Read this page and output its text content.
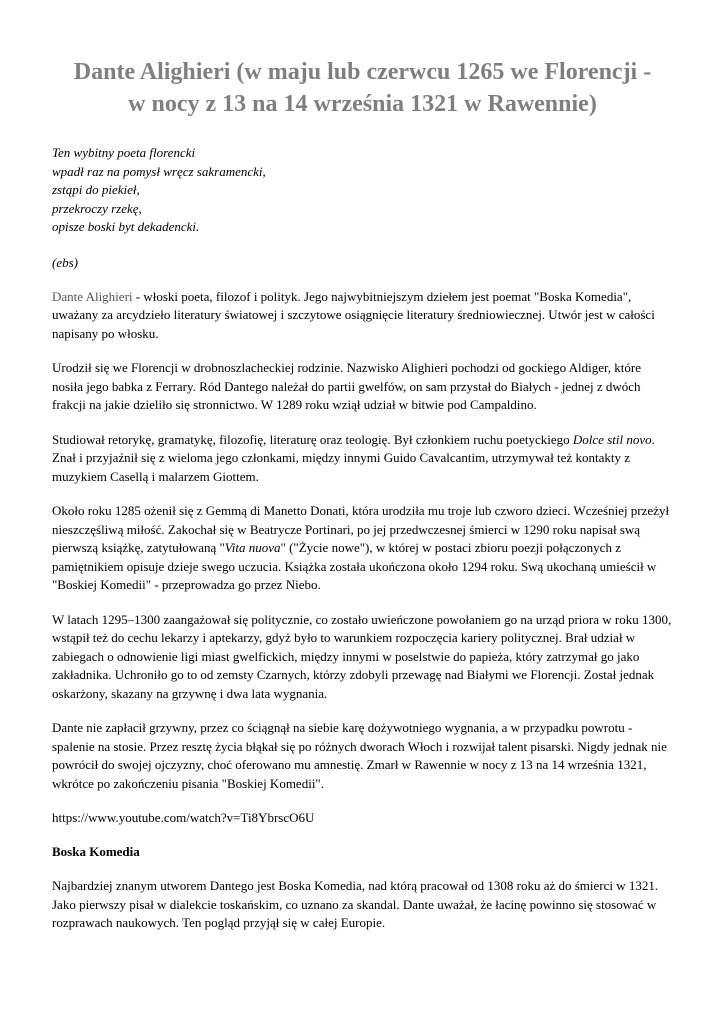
Dante Alighieri (w maju lub czerwcu 1265 we Florencji - w nocy z 13 na 14 września 1321 w Rawennie)
Ten wybitny poeta florencki
wpadł raz na pomysł wręcz sakramencki,
zstąpi do piekieł,
przekroczy rzekę,
opisze boski byt dekadencki.
(ebs)

Dante Alighieri - włoski poeta, filozof i polityk. Jego najwybitniejszym dziełem jest poemat "Boska Komedia", uważany za arcydzieło literatury światowej i szczytowe osiągnięcie literatury średniowiecznej. Utwór jest w całości napisany po włosku.

Urodził się we Florencji w drobnoszlacheckiej rodzinie. Nazwisko Alighieri pochodzi od gockiego Aldiger, które nosiła jego babka z Ferrary. Ród Dantego należał do partii gwelfów, on sam przystał do Białych - jednej z dwóch frakcji na jakie dzieliło się stronnictwo. W 1289 roku wziął udział w bitwie pod Campaldino.

Studiował retorykę, gramatykę, filozofię, literaturę oraz teologię. Był członkiem ruchu poetyckiego Dolce stil novo. Znał i przyjaźnił się z wieloma jego członkami, między innymi Guido Cavalcantim, utrzymywał też kontakty z muzykiem Casellą i malarzem Giottem.

Około roku 1285 ożenił się z Gemmą di Manetto Donati, która urodziła mu troje lub czworo dzieci. Wcześniej przeżył nieszczęśliwą miłość. Zakochał się w Beatrycze Portinari, po jej przedwczesnej śmierci w 1290 roku napisał swą pierwszą książkę, zatytułowaną "Vita nuova" ("Życie nowe"), w której w postaci zbioru poezji połączonych z pamiętnikiem opisuje dzieje swego uczucia. Książka została ukończona około 1294 roku. Swą ukochaną umieścił w "Boskiej Komedii" - przeprowadza go przez Niebo.

W latach 1295–1300 zaangażował się politycznie, co zostało uwieńczone powołaniem go na urząd priora w roku 1300, wstąpił też do cechu lekarzy i aptekarzy, gdyż było to warunkiem rozpoczęcia kariery politycznej. Brał udział w zabiegach o odnowienie ligi miast gwelfickich, między innymi w poselstwie do papieża, który zatrzymał go jako zakładnika. Uchroniło go to od zemsty Czarnych, którzy zdobyli przewagę nad Białymi we Florencji. Został jednak oskarżony, skazany na grzywnę i dwa lata wygnania.

Dante nie zapłacił grzywny, przez co ściągnął na siebie karę dożywotniego wygnania, a w przypadku powrotu - spalenie na stosie. Przez resztę życia błąkał się po różnych dworach Włoch i rozwijał talent pisarski. Nigdy jednak nie powrócił do swojej ojczyzny, choć oferowano mu amnestię. Zmarł w Rawennie w nocy z 13 na 14 września 1321, wkrótce po zakończeniu pisania "Boskiej Komedii".

https://www.youtube.com/watch?v=Ti8YbrscO6U
Boska Komedia

Najbardziej znanym utworem Dantego jest Boska Komedia, nad którą pracował od 1308 roku aż do śmierci w 1321. Jako pierwszy pisał w dialekcie toskańskim, co uznano za skandal. Dante uważał, że łacinę powinno się stosować w rozprawach naukowych. Ten pogląd przyjął się w całej Europie.
